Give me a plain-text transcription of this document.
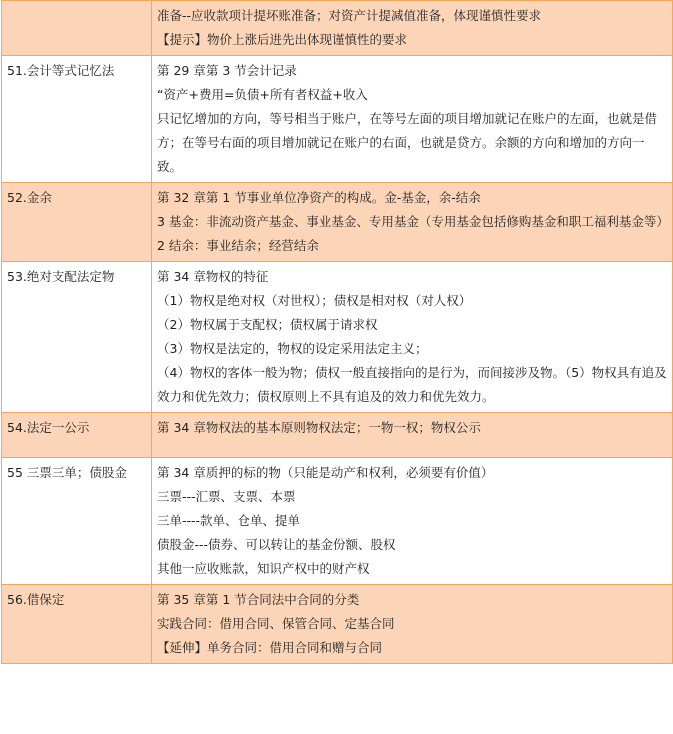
	准备--应收款项计提坏账准备；对资产计提减值准备，体现谨慎性要求
【提示】物价上涨后进先出体现谨慎性的要求

51.会计等式记忆法	第 29 章第 3 节会计记录
“资产+费用=负债+所有者权益+收入
只记忆增加的方向，等号相当于账户，在等号左面的项目增加就记在账户的左面，也就是借方；在等号右面的项目增加就记在账户的右面，也就是贷方。余额的方向和增加的方向一致。

52.金余	第 32 章第 1 节事业单位净资产的构成。金-基金，余-结余
3 基金：非流动资产基金、事业基金、专用基金（专用基金包括修购基金和职工福利基金等）
2 结余：事业结余；经营结余

53.绝对支配法定物	第 34 章物权的特征
（1）物权是绝对权（对世权）；债权是相对权（对人权）
（2）物权属于支配权；债权属于请求权
（3）物权是法定的，物权的设定采用法定主义；
（4）物权的客体一般为物；债权一般直接指向的是行为，而间接涉及物。（5）物权具有追及效力和优先效力；债权原则上不具有追及的效力和优先效力。

54.法定一公示	第 34 章物权法的基本原则物权法定；一物一权；物权公示

55 三票三单；债股金	第 34 章质押的标的物（只能是动产和权利，必须要有价值）
三票---汇票、支票、本票
三单----款单、仓单、提单
债股金---债券、可以转让的基金份额、股权
其他一应收账款，知识产权中的财产权

56.借保定	第 35 章第 1 节合同法中合同的分类
实践合同：借用合同、保管合同、定基合同
【延伸】单务合同：借用合同和赠与合同
